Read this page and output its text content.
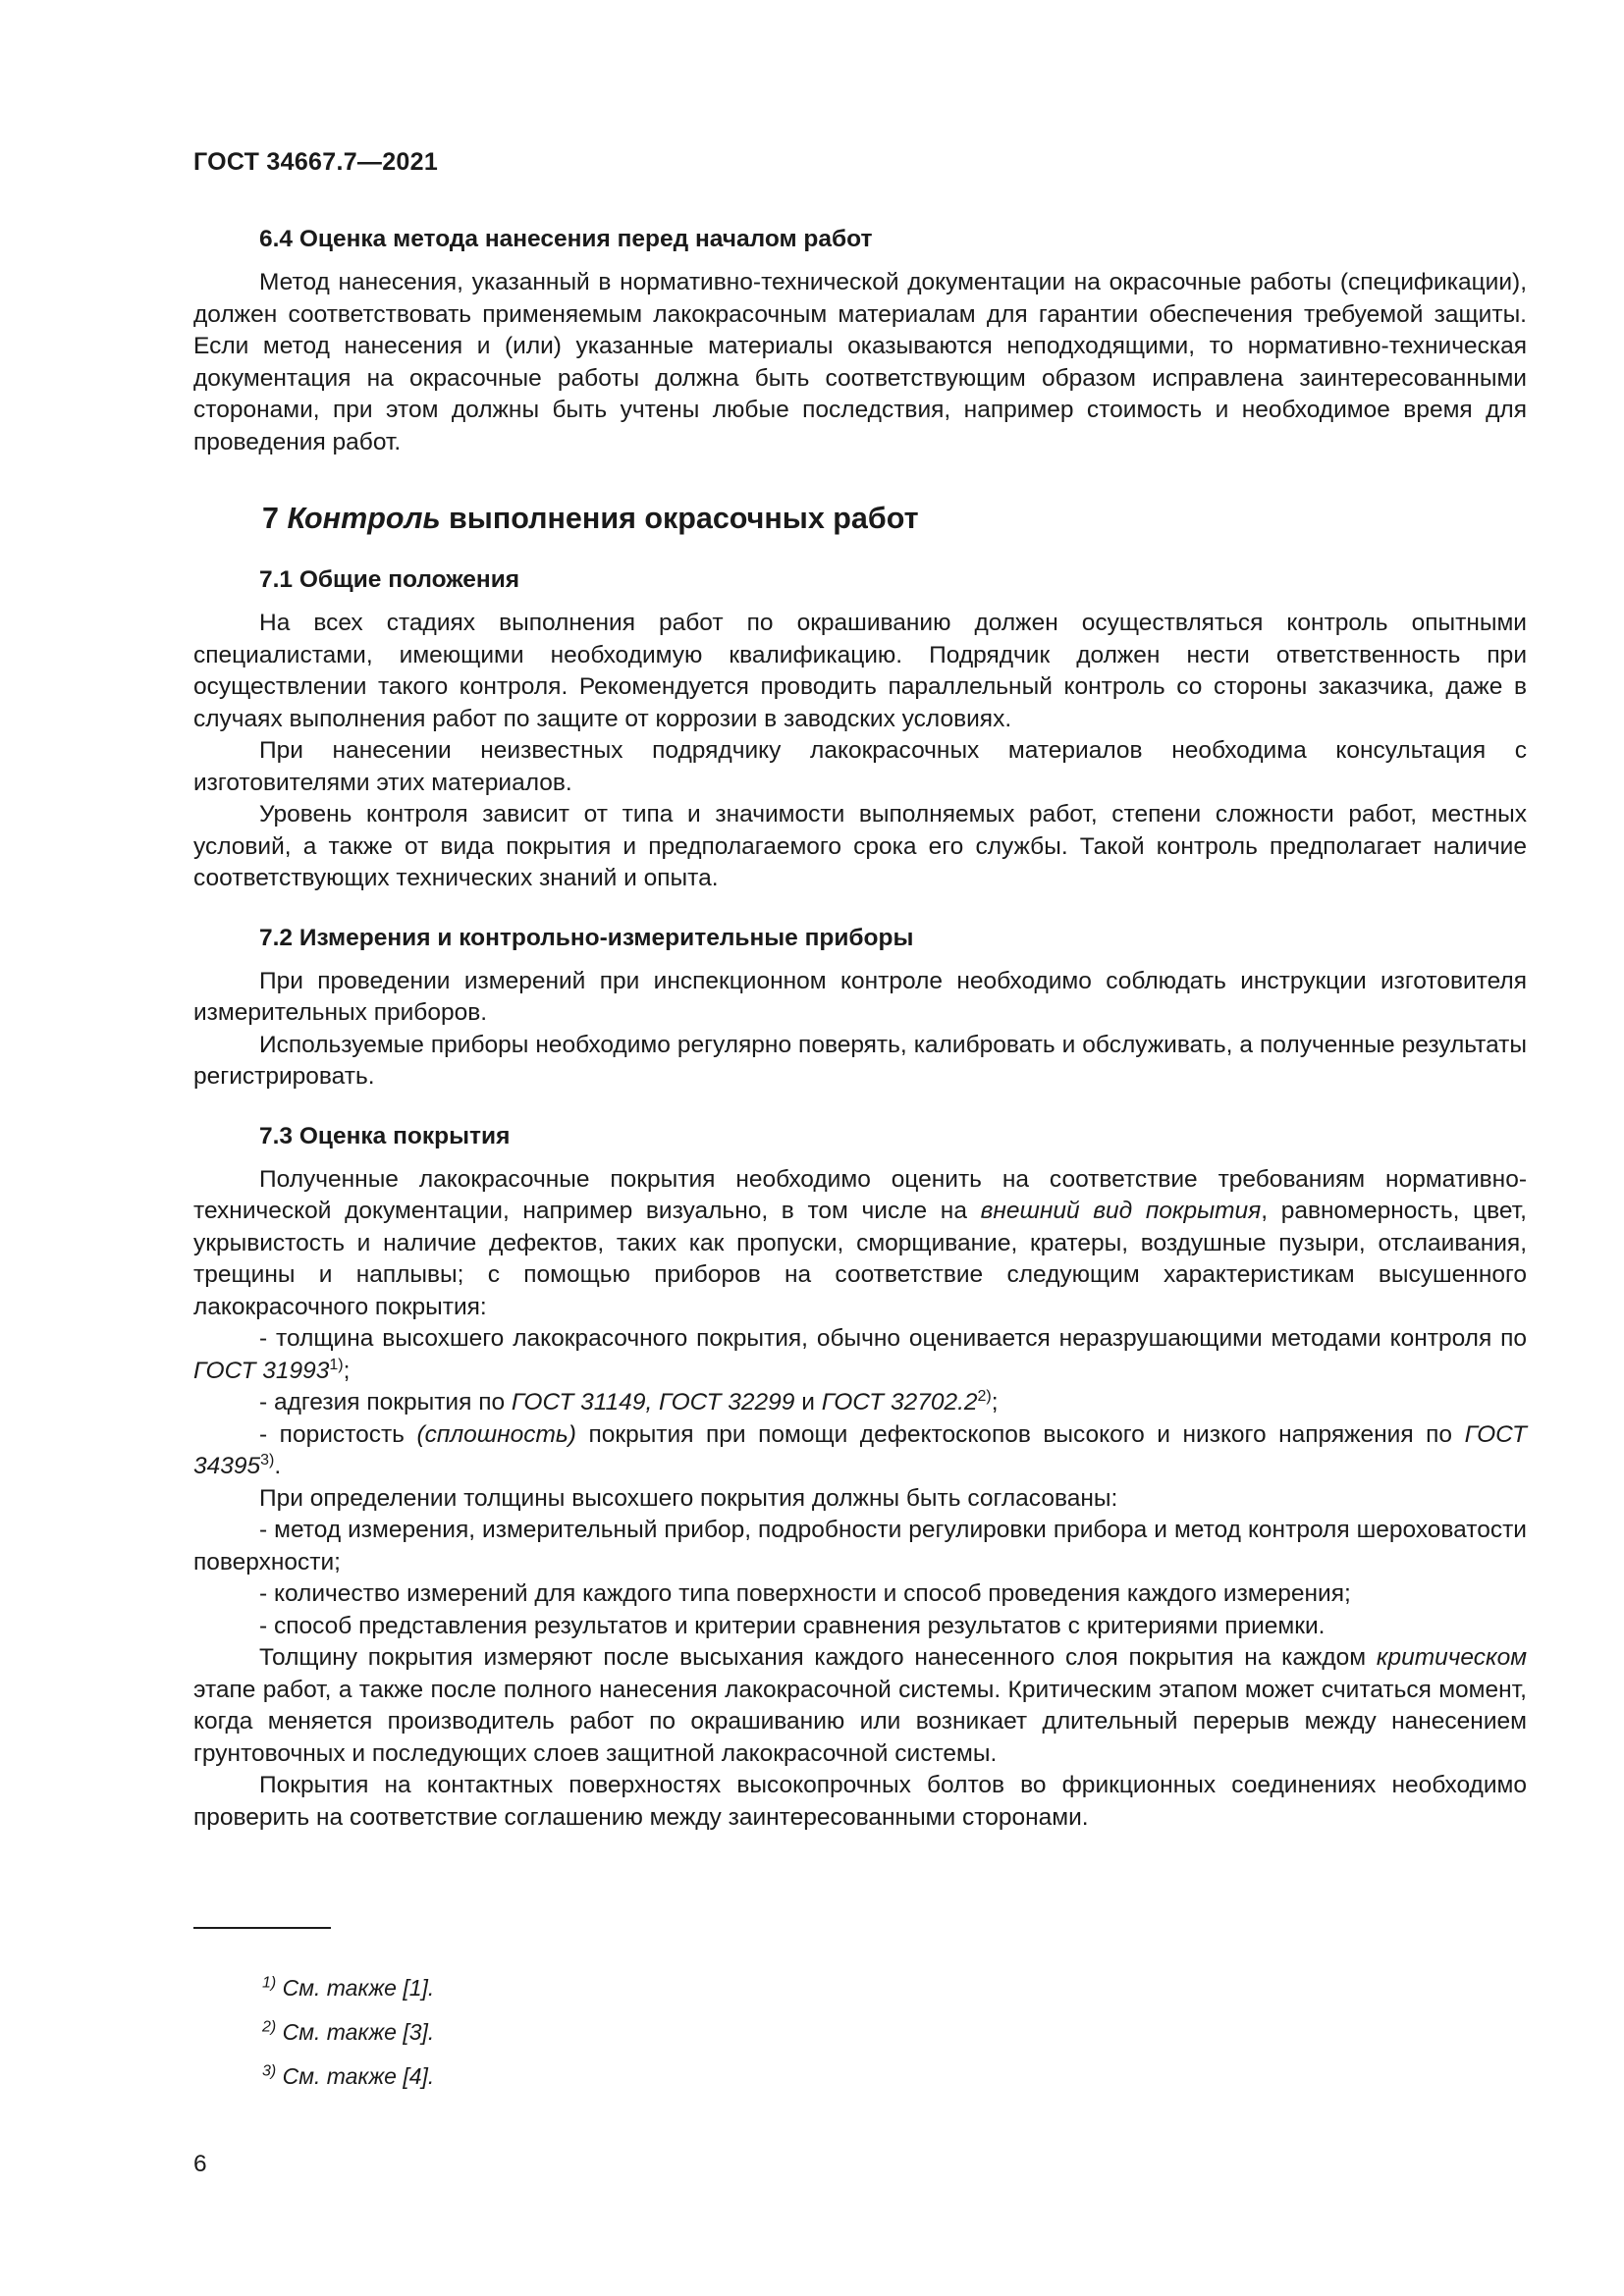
ГОСТ 34667.7—2021
6.4 Оценка метода нанесения перед началом работ

Метод нанесения, указанный в нормативно-технической документации на окрасочные работы (спецификации), должен соответствовать применяемым лакокрасочным материалам для гарантии обеспечения требуемой защиты. Если метод нанесения и (или) указанные материалы оказываются неподходящими, то нормативно-техническая документация на окрасочные работы должна быть соответствующим образом исправлена заинтересованными сторонами, при этом должны быть учтены любые последствия, например стоимость и необходимое время для проведения работ.

7 Контроль выполнения окрасочных работ
7.1 Общие положения

На всех стадиях выполнения работ по окрашиванию должен осуществляться контроль опытными специалистами, имеющими необходимую квалификацию. Подрядчик должен нести ответственность при осуществлении такого контроля. Рекомендуется проводить параллельный контроль со стороны заказчика, даже в случаях выполнения работ по защите от коррозии в заводских условиях.

При нанесении неизвестных подрядчику лакокрасочных материалов необходима консультация с изготовителями этих материалов.

Уровень контроля зависит от типа и значимости выполняемых работ, степени сложности работ, местных условий, а также от вида покрытия и предполагаемого срока его службы. Такой контроль предполагает наличие соответствующих технических знаний и опыта.

7.2 Измерения и контрольно-измерительные приборы

При проведении измерений при инспекционном контроле необходимо соблюдать инструкции изготовителя измерительных приборов.

Используемые приборы необходимо регулярно поверять, калибровать и обслуживать, а полученные результаты регистрировать.

7.3 Оценка покрытия

Полученные лакокрасочные покрытия необходимо оценить на соответствие требованиям нормативно-технической документации, например визуально, в том числе на внешний вид покрытия, равномерность, цвет, укрывистость и наличие дефектов, таких как пропуски, сморщивание, кратеры, воздушные пузыри, отслаивания, трещины и наплывы; с помощью приборов на соответствие следующим характеристикам высушенного лакокрасочного покрытия:

- толщина высохшего лакокрасочного покрытия, обычно оценивается неразрушающими методами контроля по ГОСТ 31993$^{1)}$;

- адгезия покрытия по ГОСТ 31149, ГОСТ 32299 и ГОСТ 32702.2$^{2)}$;

- пористость (сплошность) покрытия при помощи дефектоскопов высокого и низкого напряжения по ГОСТ 34395$^{3)}$.

При определении толщины высохшего покрытия должны быть согласованы:

- метод измерения, измерительный прибор, подробности регулировки прибора и метод контроля шероховатости поверхности;

- количество измерений для каждого типа поверхности и способ проведения каждого измерения;

- способ представления результатов и критерии сравнения результатов с критериями приемки.

Толщину покрытия измеряют после высыхания каждого нанесенного слоя покрытия на каждом критическом этапе работ, а также после полного нанесения лакокрасочной системы. Критическим этапом может считаться момент, когда меняется производитель работ по окрашиванию или возникает длительный перерыв между нанесением грунтовочных и последующих слоев защитной лакокрасочной системы.

Покрытия на контактных поверхностях высокопрочных болтов во фрикционных соединениях необходимо проверить на соответствие соглашению между заинтересованными сторонами.

$^{1)}$ См. также [1].
$^{2)}$ См. также [3].
$^{3)}$ См. также [4].
6
